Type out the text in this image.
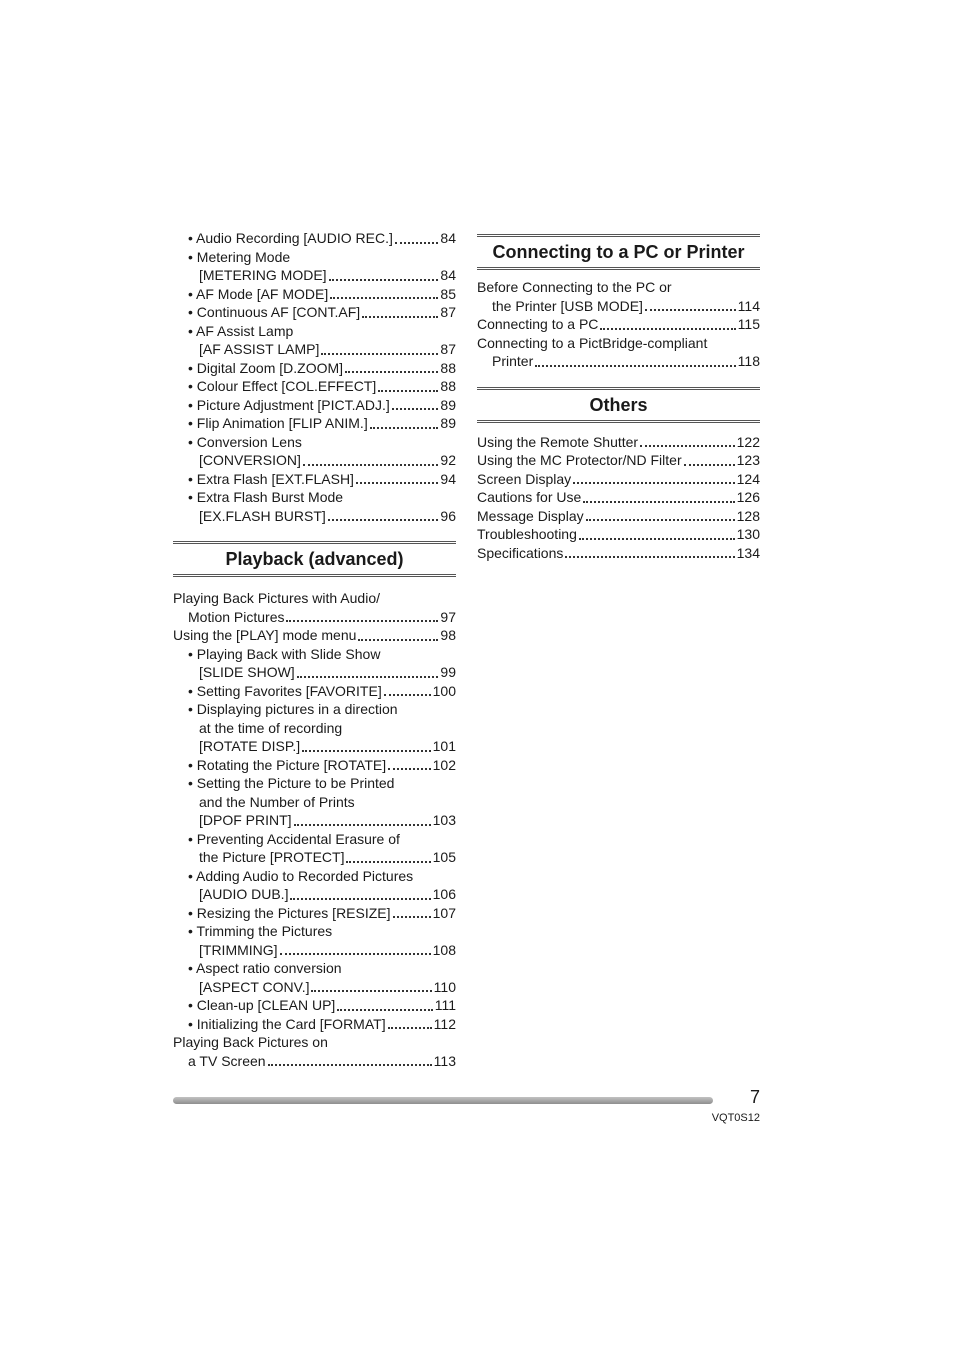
• Audio Recording [AUDIO REC.]	84
• Metering Mode
[METERING MODE]	84
• AF Mode [AF MODE]	85
• Continuous AF [CONT.AF]	87
• AF Assist Lamp
[AF ASSIST LAMP]	87
• Digital Zoom [D.ZOOM]	88
• Colour Effect [COL.EFFECT]	88
• Picture Adjustment [PICT.ADJ.]	89
• Flip Animation [FLIP ANIM.]	89
• Conversion Lens
[CONVERSION]	92
• Extra Flash [EXT.FLASH]	94
• Extra Flash Burst Mode
[EX.FLASH BURST]	96
Playback (advanced)
Playing Back Pictures with Audio/
Motion Pictures	97
Using the [PLAY] mode menu	98
• Playing Back with Slide Show
[SLIDE SHOW]	99
• Setting Favorites [FAVORITE]	100
• Displaying pictures in a direction
at the time of recording
[ROTATE DISP.]	101
• Rotating the Picture [ROTATE]	102
• Setting the Picture to be Printed
and the Number of Prints
[DPOF PRINT]	103
• Preventing Accidental Erasure of
the Picture [PROTECT]	105
• Adding Audio to Recorded Pictures
[AUDIO DUB.]	106
• Resizing the Pictures [RESIZE]	107
• Trimming the Pictures
[TRIMMING]	108
• Aspect ratio conversion
[ASPECT CONV.]	110
• Clean-up [CLEAN UP]	111
• Initializing the Card [FORMAT]	112
Playing Back Pictures on
a TV Screen	113
Connecting to a PC or Printer
Before Connecting to the PC or
the Printer [USB MODE]	114
Connecting to a PC	115
Connecting to a PictBridge-compliant
Printer	118
Others
Using the Remote Shutter	122
Using the MC Protector/ND Filter	123
Screen Display	124
Cautions for Use	126
Message Display	128
Troubleshooting	130
Specifications	134
7
VQT0S12
